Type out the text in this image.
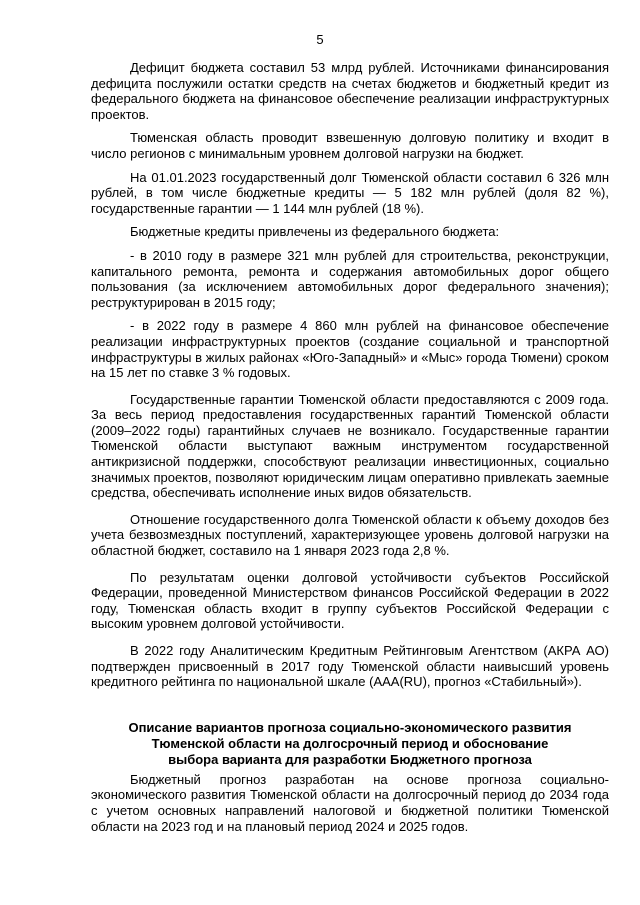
5

Дефицит бюджета составил 53 млрд рублей. Источниками финансирования дефицита послужили остатки средств на счетах бюджетов и бюджетный кредит из федерального бюджета на финансовое обеспечение реализации инфраструктурных проектов.

Тюменская область проводит взвешенную долговую политику и входит в число регионов с минимальным уровнем долговой нагрузки на бюджет.

На 01.01.2023 государственный долг Тюменской области составил 6 326 млн рублей, в том числе бюджетные кредиты — 5 182 млн рублей (доля 82 %), государственные гарантии — 1 144 млн рублей (18 %).

Бюджетные кредиты привлечены из федерального бюджета:

- в 2010 году в размере 321 млн рублей для строительства, реконструкции, капитального ремонта, ремонта и содержания автомобильных дорог общего пользования (за исключением автомобильных дорог федерального значения); реструктурирован в 2015 году;

- в 2022 году в размере 4 860 млн рублей на финансовое обеспечение реализации инфраструктурных проектов (создание социальной и транспортной инфраструктуры в жилых районах «Юго-Западный» и «Мыс» города Тюмени) сроком на 15 лет по ставке 3 % годовых.

Государственные гарантии Тюменской области предоставляются с 2009 года. За весь период предоставления государственных гарантий Тюменской области (2009–2022 годы) гарантийных случаев не возникало. Государственные гарантии Тюменской области выступают важным инструментом государственной антикризисной поддержки, способствуют реализации инвестиционных, социально значимых проектов, позволяют юридическим лицам оперативно привлекать заемные средства, обеспечивать исполнение иных видов обязательств.

Отношение государственного долга Тюменской области к объему доходов без учета безвозмездных поступлений, характеризующее уровень долговой нагрузки на областной бюджет, составило на 1 января 2023 года 2,8 %.

По результатам оценки долговой устойчивости субъектов Российской Федерации, проведенной Министерством финансов Российской Федерации в 2022 году, Тюменская область входит в группу субъектов Российской Федерации с высоким уровнем долговой устойчивости.

В 2022 году Аналитическим Кредитным Рейтинговым Агентством (АКРА АО) подтвержден присвоенный в 2017 году Тюменской области наивысший уровень кредитного рейтинга по национальной шкале (AAA(RU), прогноз «Стабильный»).

Описание вариантов прогноза социально-экономического развития
Тюменской области на долгосрочный период и обоснование
выбора варианта для разработки Бюджетного прогноза

Бюджетный прогноз разработан на основе прогноза социально-экономического развития Тюменской области на долгосрочный период до 2034 года с учетом основных направлений налоговой и бюджетной политики Тюменской области на 2023 год и на плановый период 2024 и 2025 годов.
